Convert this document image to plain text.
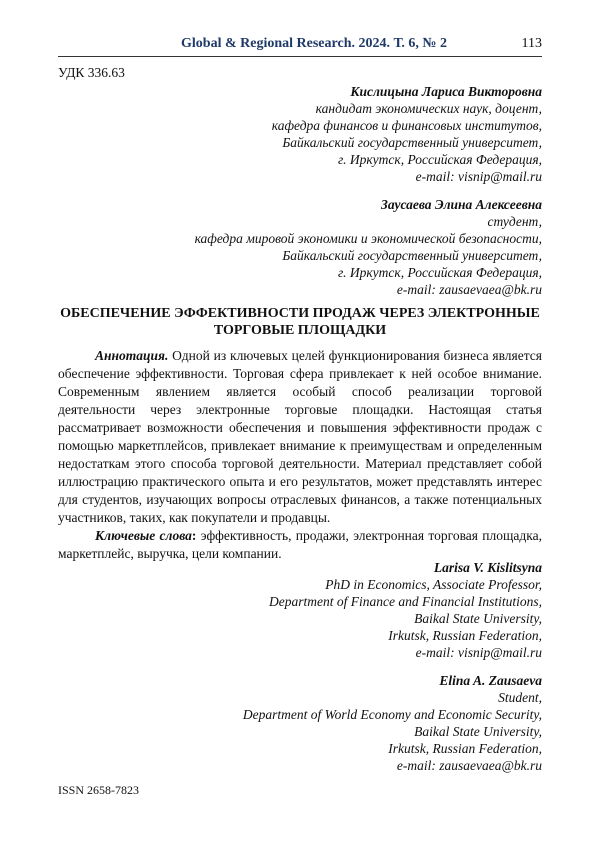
Global & Regional Research. 2024. Т. 6, № 2	113
УДК 336.63
Кислицына Лариса Викторовна
кандидат экономических наук, доцент,
кафедра финансов и финансовых институтов,
Байкальский государственный университет,
г. Иркутск, Российская Федерация,
e-mail: visnip@mail.ru
Заусаева Элина Алексеевна
студент,
кафедра мировой экономики и экономической безопасности,
Байкальский государственный университет,
г. Иркутск, Российская Федерация,
e-mail: zausaevaea@bk.ru
ОБЕСПЕЧЕНИЕ ЭФФЕКТИВНОСТИ ПРОДАЖ ЧЕРЕЗ ЭЛЕКТРОННЫЕ ТОРГОВЫЕ ПЛОЩАДКИ

Аннотация. Одной из ключевых целей функционирования бизнеса является обеспечение эффективности. Торговая сфера привлекает к ней особое внимание. Современным явлением является особый способ реализации торговой деятельности через электронные торговые площадки. Настоящая статья рассматривает возможности обеспечения и повышения эффективности продаж с помощью маркетплейсов, привлекает внимание к преимуществам и определенным недостаткам этого способа торговой деятельности. Материал представляет собой иллюстрацию практического опыта и его результатов, может представлять интерес для студентов, изучающих вопросы отраслевых финансов, а также потенциальных участников, таких, как покупатели и продавцы.

Ключевые слова: эффективность, продажи, электронная торговая площадка, маркетплейс, выручка, цели компании.

Larisa V. Kislitsyna
PhD in Economics, Associate Professor,
Department of Finance and Financial Institutions,
Baikal State University,
Irkutsk, Russian Federation,
e-mail: visnip@mail.ru
Elina A. Zausaeva
Student,
Department of World Economy and Economic Security,
Baikal State University,
Irkutsk, Russian Federation,
e-mail: zausaevaea@bk.ru
ISSN 2658-7823
